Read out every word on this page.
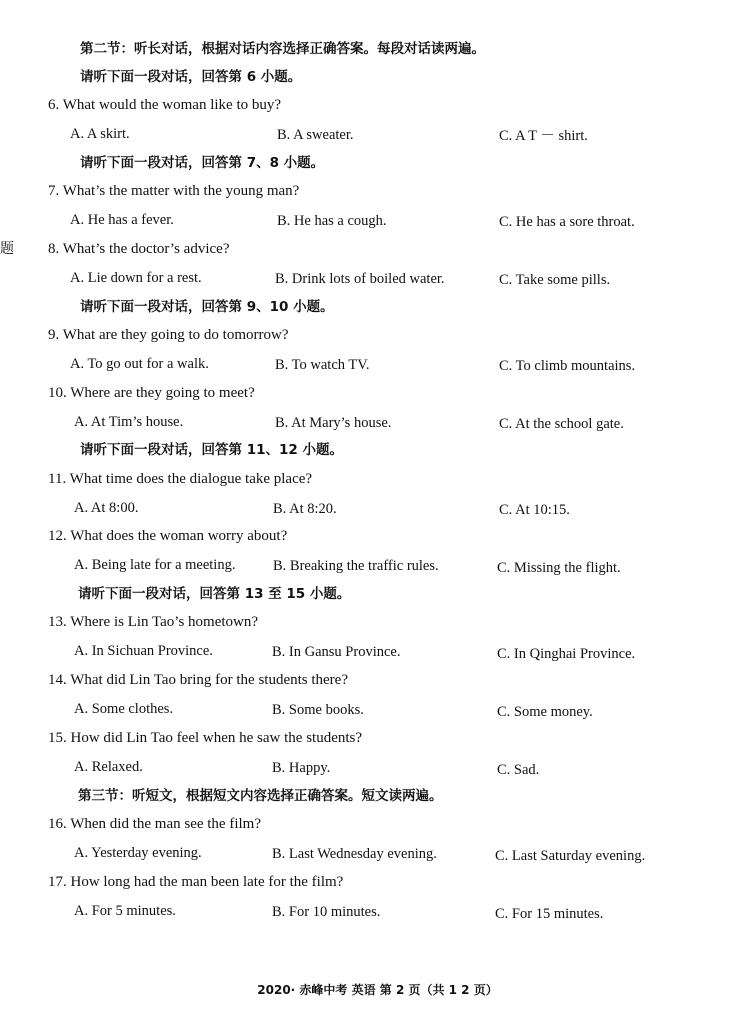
题
第二节：听长对话，根据对话内容选择正确答案。每段对话读两遍。
请听下面一段对话，回答第 6 小题。
6. What would the woman like to buy?
A. A skirt.	B. A sweater.	C. A T － shirt.
请听下面一段对话，回答第 7、8 小题。
7. What’s the matter with the young man?
A. He has a fever.	B. He has a cough.	C. He has a sore throat.
8. What’s the doctor’s advice?
A. Lie down for a rest.	B. Drink lots of boiled water.	C. Take some pills.
请听下面一段对话，回答第 9、10 小题。
9. What are they going to do tomorrow?
A. To go out for a walk.	B. To watch TV.	C. To climb mountains.
10. Where are they going to meet?
A. At Tim’s house.	B. At Mary’s house.	C. At the school gate.
请听下面一段对话，回答第 11、12 小题。
11. What time does the dialogue take place?
A. At 8:00.	B. At 8:20.	C. At 10:15.
12. What does the woman worry about?
A. Being late for a meeting.	B. Breaking the traffic rules.	C. Missing the flight.
请听下面一段对话，回答第 13 至 15 小题。
13. Where is Lin Tao’s hometown?
A. In Sichuan Province.	B. In Gansu Province.	C. In Qinghai Province.
14. What did Lin Tao bring for the students there?
A. Some clothes.	B. Some books.	C. Some money.
15. How did Lin Tao feel when he saw the students?
A. Relaxed.	B. Happy.	C. Sad.
第三节：听短文，根据短文内容选择正确答案。短文读两遍。
16. When did the man see the film?
A. Yesterday evening.	B. Last Wednesday evening.	C. Last Saturday evening.
17. How long had the man been late for the film?
A. For 5 minutes.	B. For 10 minutes.	C. For 15 minutes.
2020· 赤峰中考 英语 第 2 页（共 1 2 页）
